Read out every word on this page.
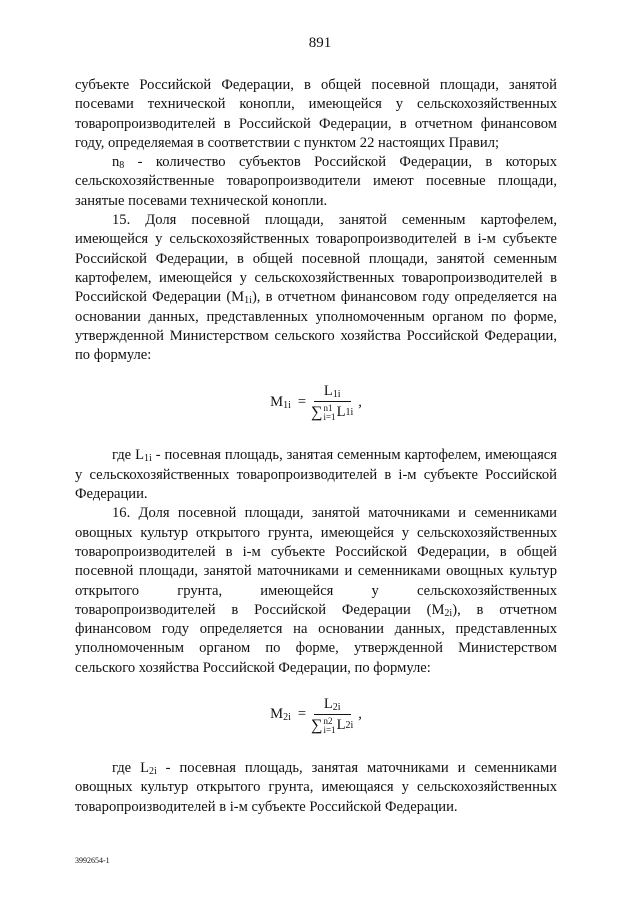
891

субъекте Российской Федерации, в общей посевной площади, занятой посевами технической конопли, имеющейся у сельскохозяйственных товаропроизводителей в Российской Федерации, в отчетном финансовом году, определяемая в соответствии с пунктом 22 настоящих Правил;

$n_8$ - количество субъектов Российской Федерации, в которых сельскохозяйственные товаропроизводители имеют посевные площади, занятые посевами технической конопли.

15. Доля посевной площади, занятой семенным картофелем, имеющейся у сельскохозяйственных товаропроизводителей в i-м субъекте Российской Федерации, в общей посевной площади, занятой семенным картофелем, имеющейся у сельскохозяйственных товаропроизводителей в Российской Федерации $(М_{1i})$, в отчетном финансовом году определяется на основании данных, представленных уполномоченным органом по форме, утвержденной Министерством сельского хозяйства Российской Федерации, по формуле:

$M_{1i} = L_{1i}$
∑ n1
i=1 L 1i ,

где $L_{1i}$ - посевная площадь, занятая семенным картофелем, имеющаяся у сельскохозяйственных товаропроизводителей в i-м субъекте Российской Федерации.

16. Доля посевной площади, занятой маточниками и семенниками овощных культур открытого грунта, имеющейся у сельскохозяйственных товаропроизводителей в i-м субъекте Российской Федерации, в общей посевной площади, занятой маточниками и семенниками овощных культур открытого грунта, имеющейся у сельскохозяйственных товаропроизводителей в Российской Федерации $(М_{2i})$, в отчетном финансовом году определяется на основании данных, представленных уполномоченным органом по форме, утвержденной Министерством сельского хозяйства Российской Федерации, по формуле:

$M_{2i} = L_{2i}$
∑ n2
i=1 L 2i ,

где $L_{2i}$ - посевная площадь, занятая маточниками и семенниками овощных культур открытого грунта, имеющаяся у сельскохозяйственных товаропроизводителей в i-м субъекте Российской Федерации.

3992654-1
